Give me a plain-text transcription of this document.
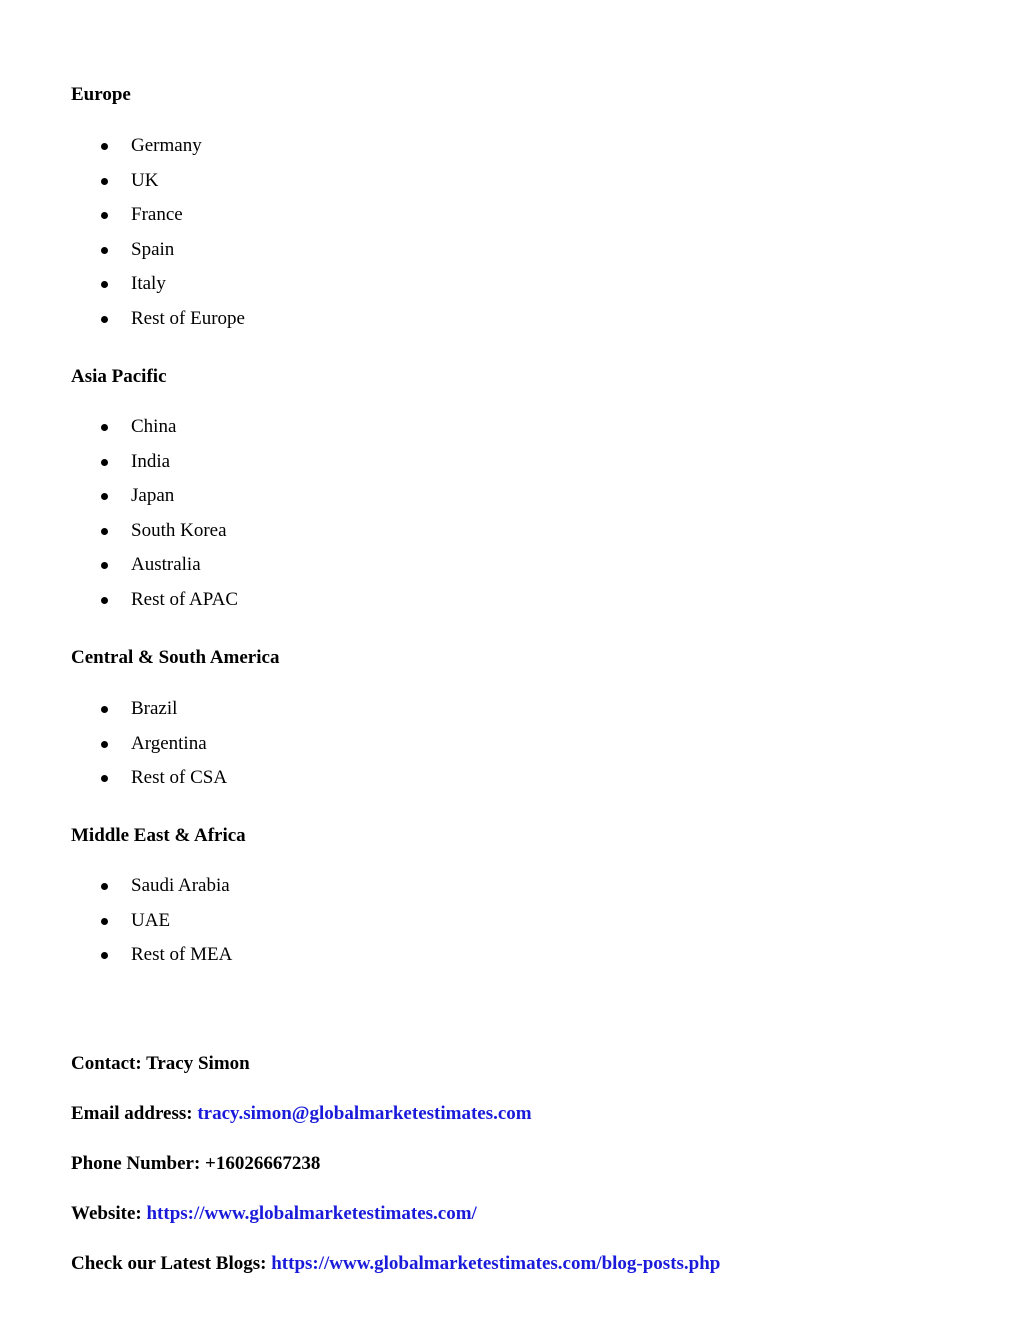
Europe
Germany
UK
France
Spain
Italy
Rest of Europe
Asia Pacific
China
India
Japan
South Korea
Australia
Rest of APAC
Central & South America
Brazil
Argentina
Rest of CSA
Middle East & Africa
Saudi Arabia
UAE
Rest of MEA
Contact: Tracy Simon
Email address: tracy.simon@globalmarketestimates.com
Phone Number: +16026667238
Website: https://www.globalmarketestimates.com/
Check our Latest Blogs: https://www.globalmarketestimates.com/blog-posts.php
